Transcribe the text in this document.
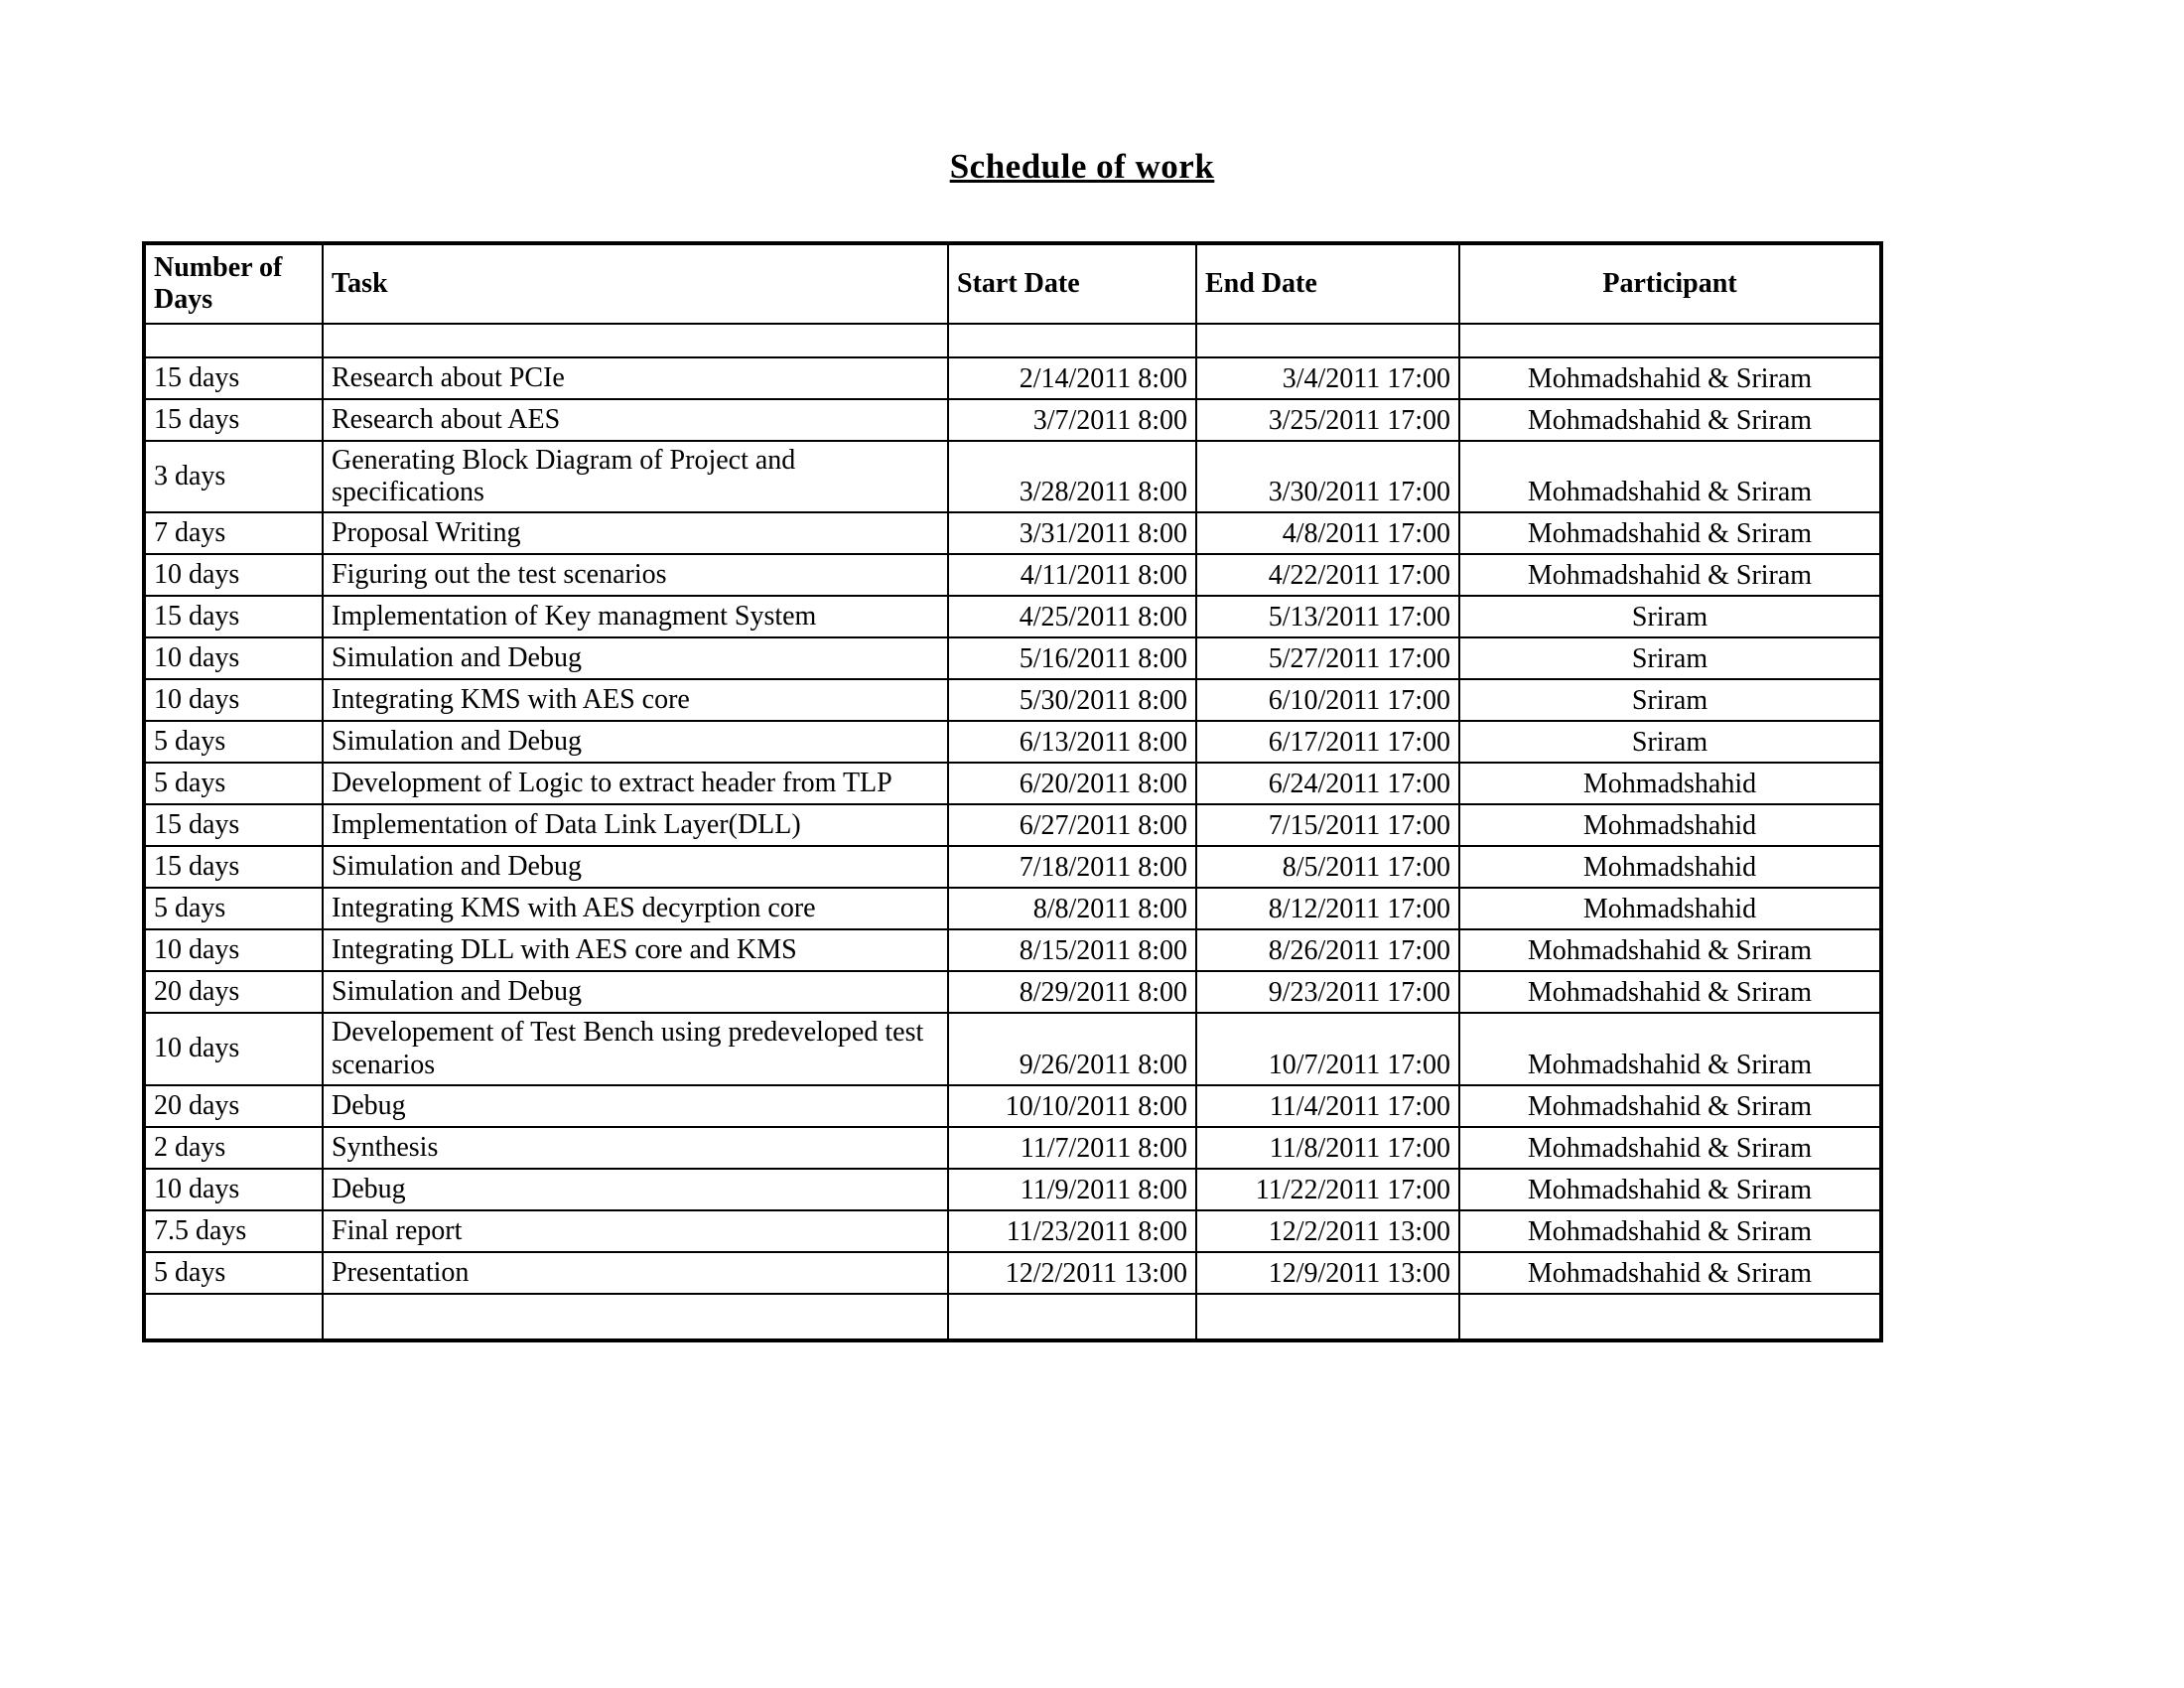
Schedule of work
Number of Days	Task	Start Date	End Date	Participant

15 days	Research about PCIe	2/14/2011 8:00	3/4/2011 17:00	Mohmadshahid & Sriram
15 days	Research about AES	3/7/2011 8:00	3/25/2011 17:00	Mohmadshahid & Sriram
3 days	Generating Block Diagram of Project and specifications	3/28/2011 8:00	3/30/2011 17:00	Mohmadshahid & Sriram
7 days	Proposal Writing	3/31/2011 8:00	4/8/2011 17:00	Mohmadshahid & Sriram
10 days	Figuring out the test scenarios	4/11/2011 8:00	4/22/2011 17:00	Mohmadshahid & Sriram
15 days	Implementation of Key managment System	4/25/2011 8:00	5/13/2011 17:00	Sriram
10 days	Simulation and Debug	5/16/2011 8:00	5/27/2011 17:00	Sriram
10 days	Integrating KMS with AES core	5/30/2011 8:00	6/10/2011 17:00	Sriram
5 days	Simulation and Debug	6/13/2011 8:00	6/17/2011 17:00	Sriram
5 days	Development of Logic to extract header from TLP	6/20/2011 8:00	6/24/2011 17:00	Mohmadshahid
15 days	Implementation of Data Link Layer(DLL)	6/27/2011 8:00	7/15/2011 17:00	Mohmadshahid
15 days	Simulation and Debug	7/18/2011 8:00	8/5/2011 17:00	Mohmadshahid
5 days	Integrating KMS with AES decyrption core	8/8/2011 8:00	8/12/2011 17:00	Mohmadshahid
10 days	Integrating DLL with AES core and KMS	8/15/2011 8:00	8/26/2011 17:00	Mohmadshahid & Sriram
20 days	Simulation and Debug	8/29/2011 8:00	9/23/2011 17:00	Mohmadshahid & Sriram
10 days	Developement of Test Bench using predeveloped test scenarios	9/26/2011 8:00	10/7/2011 17:00	Mohmadshahid & Sriram
20 days	Debug	10/10/2011 8:00	11/4/2011 17:00	Mohmadshahid & Sriram
2 days	Synthesis	11/7/2011 8:00	11/8/2011 17:00	Mohmadshahid & Sriram
10 days	Debug	11/9/2011 8:00	11/22/2011 17:00	Mohmadshahid & Sriram
7.5 days	Final report	11/23/2011 8:00	12/2/2011 13:00	Mohmadshahid & Sriram
5 days	Presentation	12/2/2011 13:00	12/9/2011 13:00	Mohmadshahid & Sriram
